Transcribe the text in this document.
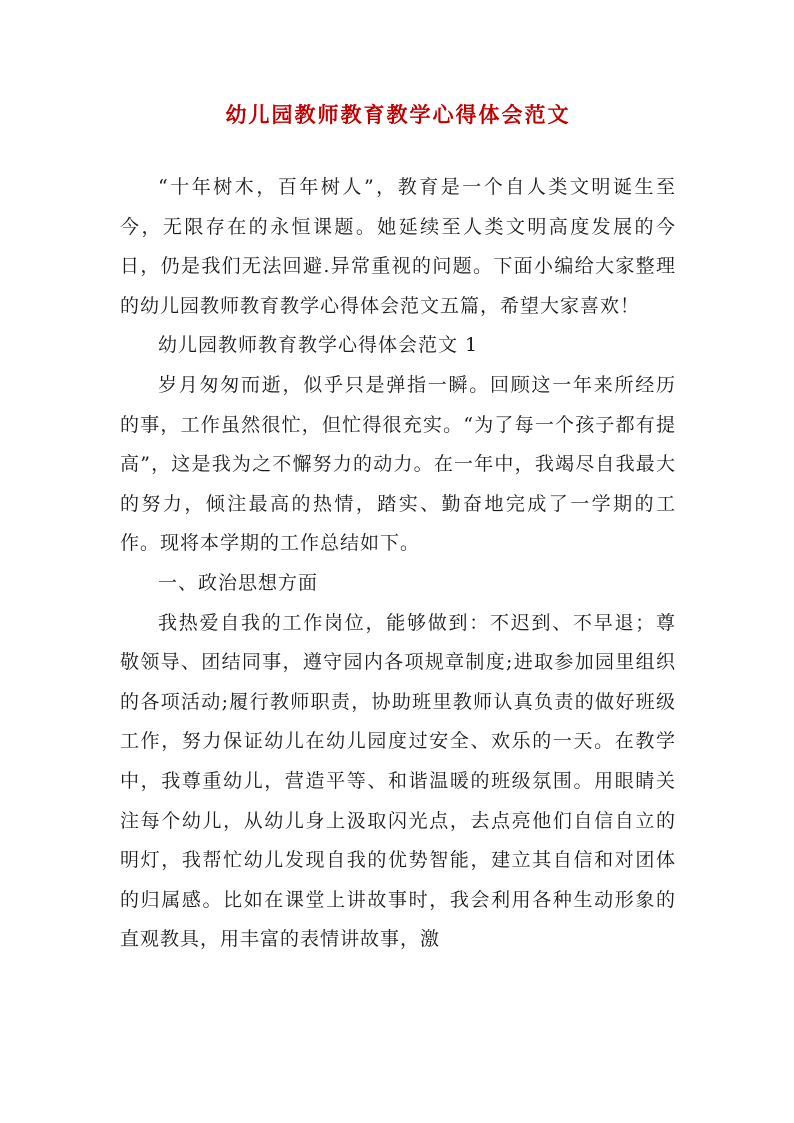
幼儿园教师教育教学心得体会范文

“十年树木，百年树人”，教育是一个自人类文明诞生至今，无限存在的永恒课题。她延续至人类文明高度发展的今日，仍是我们无法回避.异常重视的问题。下面小编给大家整理的幼儿园教师教育教学心得体会范文五篇，希望大家喜欢！

幼儿园教师教育教学心得体会范文 1

岁月匆匆而逝，似乎只是弹指一瞬。回顾这一年来所经历的事，工作虽然很忙，但忙得很充实。“为了每一个孩子都有提高”，这是我为之不懈努力的动力。在一年中，我竭尽自我最大的努力，倾注最高的热情，踏实、勤奋地完成了一学期的工作。现将本学期的工作总结如下。

一、政治思想方面

我热爱自我的工作岗位，能够做到：不迟到、不早退；尊敬领导、团结同事，遵守园内各项规章制度;进取参加园里组织的各项活动;履行教师职责，协助班里教师认真负责的做好班级工作，努力保证幼儿在幼儿园度过安全、欢乐的一天。在教学中，我尊重幼儿，营造平等、和谐温暖的班级氛围。用眼睛关注每个幼儿，从幼儿身上汲取闪光点，去点亮他们自信自立的明灯，我帮忙幼儿发现自我的优势智能，建立其自信和对团体的归属感。比如在课堂上讲故事时，我会利用各种生动形象的直观教具，用丰富的表情讲故事，激
